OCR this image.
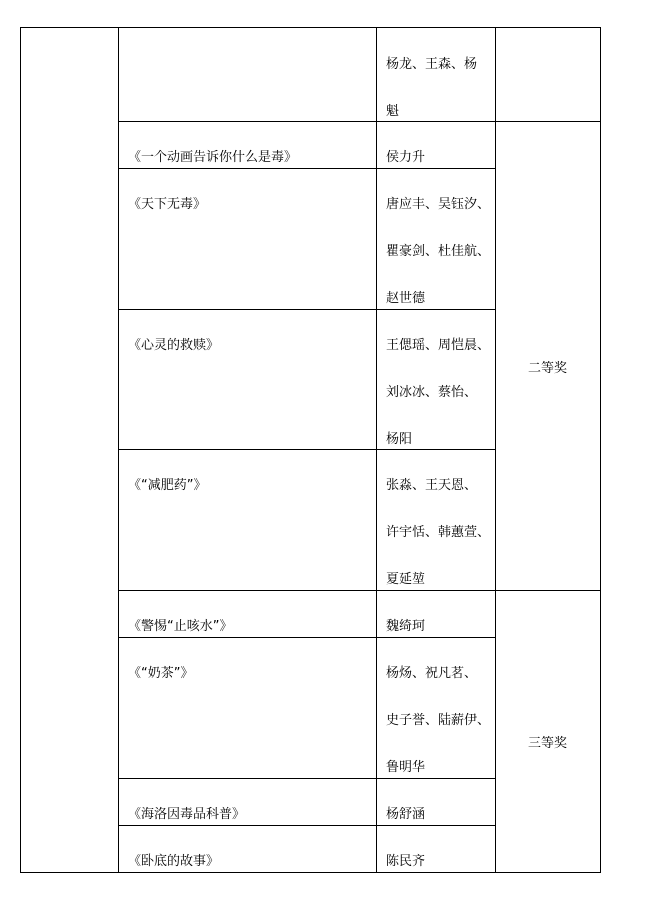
杨龙、王森、杨
魁
《一个动画告诉你什么是毒》	侯力升
《天下无毒》	唐应丰、吴钰汐、
瞿豪剑、杜佳航、
赵世德
《心灵的救赎》	王偲瑶、周恺晨、
刘冰冰、蔡怡、
杨阳
《“减肥药”》	张淼、王天恩、
许宇恬、韩蕙萱、
夏延堃
二等奖
《警惕“止咳水”》	魏绮珂
《“奶茶”》	杨炀、祝凡茗、
史子誉、陆薪伊、
鲁明华
《海洛因毒品科普》	杨舒涵
《卧底的故事》	陈民齐
三等奖
